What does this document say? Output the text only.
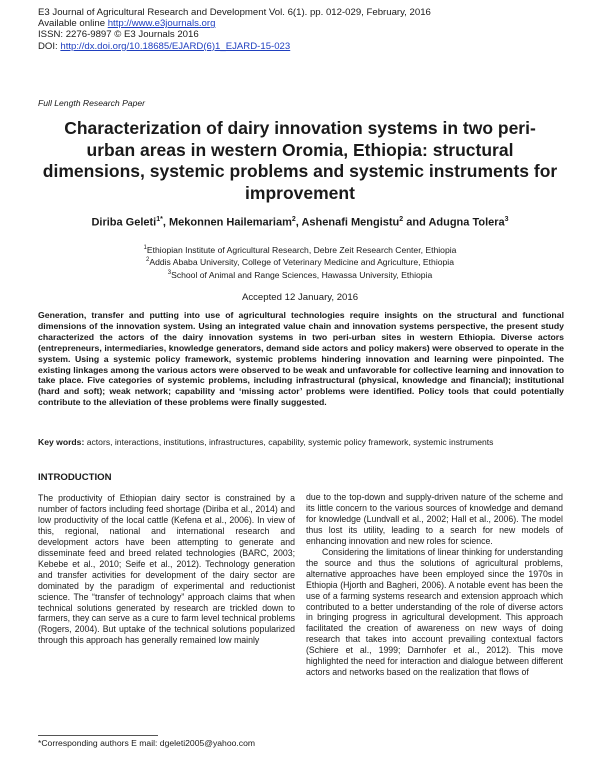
E3 Journal of Agricultural Research and Development Vol. 6(1). pp. 012-029, February, 2016
Available online http://www.e3journals.org
ISSN: 2276-9897 © E3 Journals 2016
DOI: http://dx.doi.org/10.18685/EJARD(6)1_EJARD-15-023
Full Length Research Paper
Characterization of dairy innovation systems in two peri-urban areas in western Oromia, Ethiopia: structural dimensions, systemic problems and systemic instruments for improvement
Diriba Geleti$^{1*}$, Mekonnen Hailemariam$^2$, Ashenafi Mengistu$^2$ and Adugna Tolera$^3$
$^1$Ethiopian Institute of Agricultural Research, Debre Zeit Research Center, Ethiopia
$^2$Addis Ababa University, College of Veterinary Medicine and Agriculture, Ethiopia
$^3$School of Animal and Range Sciences, Hawassa University, Ethiopia
Accepted 12 January, 2016
Generation, transfer and putting into use of agricultural technologies require insights on the structural and functional dimensions of the innovation system. Using an integrated value chain and innovation systems perspective, the present study characterized the actors of the dairy innovation systems in two peri-urban sites in western Ethiopia. Diverse actors (entrepreneurs, intermediaries, knowledge generators, demand side actors and policy makers) were observed to operate in the system. Using a systemic policy framework, systemic problems hindering innovation and learning were pinpointed. The existing linkages among the various actors were observed to be weak and unfavorable for collective learning and innovation to take place. Five categories of systemic problems, including infrastructural (physical, knowledge and financial); institutional (hard and soft); weak network; capability and ‘missing actor’ problems were identified. Policy tools that could potentially contribute to the alleviation of these problems were finally suggested.
Key words: actors, interactions, institutions, infrastructures, capability, systemic policy framework, systemic instruments
INTRODUCTION

The productivity of Ethiopian dairy sector is constrained by a number of factors including feed shortage (Diriba et al., 2014) and low productivity of the local cattle (Kefena et al., 2006). In view of this, regional, national and international research and development actors have been attempting to generate and disseminate feed and breed related technologies (BARC, 2003; Kebebe et al., 2010; Seife et al., 2012). Technology generation and transfer activities for development of the dairy sector are dominated by the paradigm of experimental and reductionist science. The “transfer of technology” approach claims that when technical solutions generated by research are trickled down to farmers, they can serve as a cure to farm level technical problems (Rogers, 2004). But uptake of the technical solutions popularized through this approach has generally remained low mainly

due to the top-down and supply-driven nature of the scheme and its little concern to the various sources of knowledge and demand for knowledge (Lundvall et al., 2002; Hall et al., 2006). The model thus lost its utility, leading to a search for new models of enhancing innovation and new roles for science.

Considering the limitations of linear thinking for understanding the source and thus the solutions of agricultural problems, alternative approaches have been employed since the 1970s in Ethiopia (Hjorth and Bagheri, 2006). A notable event has been the use of a farming systems research and extension approach which contributed to a better understanding of the role of diverse actors in bringing progress in agricultural development. This approach facilitated the creation of awareness on new ways of doing research that takes into account prevailing contextual factors (Schiere et al., 1999; Darnhofer et al., 2012). This move highlighted the need for interaction and dialogue between different actors and networks based on the realization that flows of

*Corresponding authors E mail: dgeleti2005@yahoo.com
